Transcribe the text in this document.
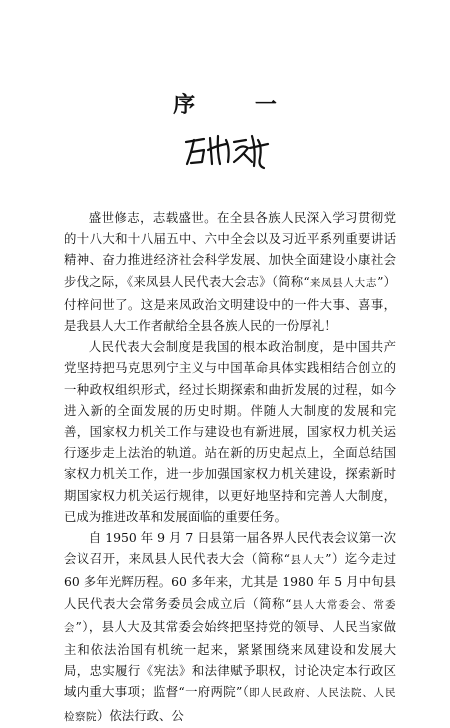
序 一

盛世修志，志载盛世。在全县各族人民深入学习贯彻党的十八大和十八届五中、六中全会以及习近平系列重要讲话精神、奋力推进经济社会科学发展、加快全面建设小康社会步伐之际，《来凤县人民代表大会志》（简称“来凤县人大志”）付梓问世了。这是来凤政治文明建设中的一件大事、喜事，是我县人大工作者献给全县各族人民的一份厚礼！

人民代表大会制度是我国的根本政治制度，是中国共产党坚持把马克思列宁主义与中国革命具体实践相结合创立的一种政权组织形式，经过长期探索和曲折发展的过程，如今进入新的全面发展的历史时期。伴随人大制度的发展和完善，国家权力机关工作与建设也有新进展，国家权力机关运行逐步走上法治的轨道。站在新的历史起点上，全面总结国家权力机关工作，进一步加强国家权力机关建设，探索新时期国家权力机关运行规律，以更好地坚持和完善人大制度，已成为推进改革和发展面临的重要任务。

自 1950 年 9 月 7 日县第一届各界人民代表会议第一次会议召开，来凤县人民代表大会（简称“县人大”）迄今走过 60 多年光辉历程。60 多年来，尤其是 1980 年 5 月中旬县人民代表大会常务委员会成立后（简称“县人大常委会、常委会”），县人大及其常委会始终把坚持党的领导、人民当家做主和依法治国有机统一起来，紧紧围绕来凤建设和发展大局，忠实履行《宪法》和法律赋予职权，讨论决定本行政区域内重大事项；监督“一府两院”（即人民政府、人民法院、人民检察院）依法行政、公
